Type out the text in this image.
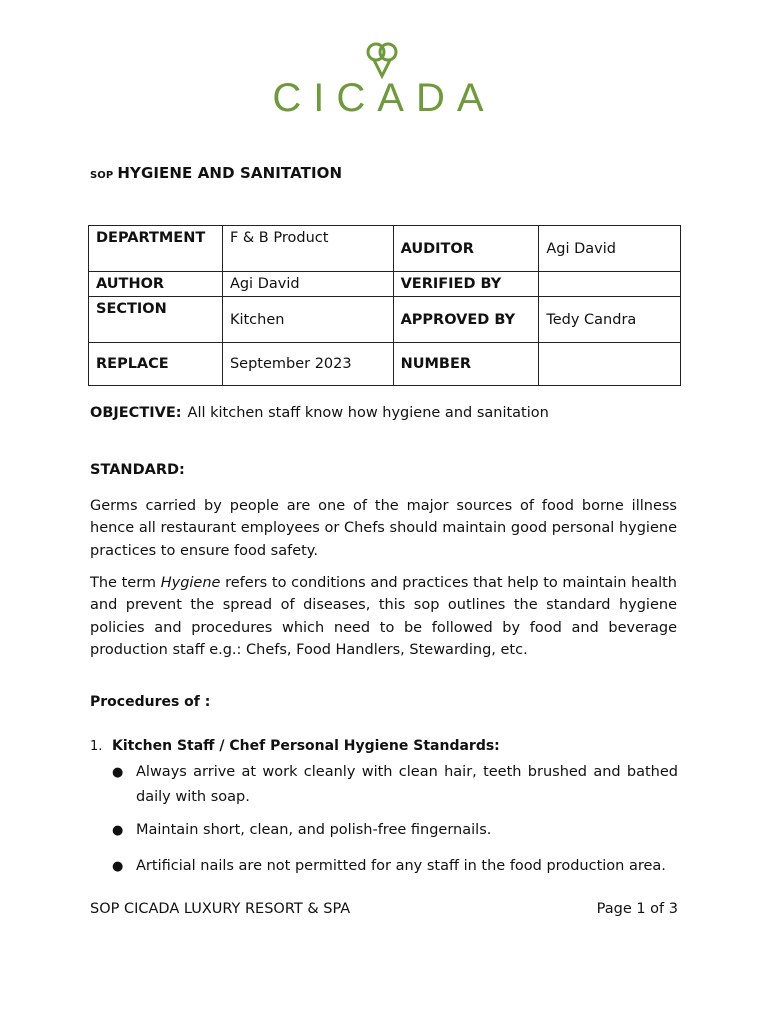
CICADA
SOP HYGIENE AND SANITATION
DEPARTMENT	F & B Product	AUDITOR	Agi David
AUTHOR	Agi David	VERIFIED BY	
SECTION	Kitchen	APPROVED BY	Tedy Candra
REPLACE	September 2023	NUMBER	
OBJECTIVE: All kitchen staff know how hygiene and sanitation
STANDARD:
Germs carried by people are one of the major sources of food borne illness hence all restaurant employees or Chefs should maintain good personal hygiene practices to ensure food safety.
The term Hygiene refers to conditions and practices that help to maintain health and prevent the spread of diseases, this sop outlines the standard hygiene policies and procedures which need to be followed by food and beverage production staff e.g.: Chefs, Food Handlers, Stewarding, etc.
Procedures of :
1. Kitchen Staff / Chef Personal Hygiene Standards:
● Always arrive at work cleanly with clean hair, teeth brushed and bathed daily with soap.
● Maintain short, clean, and polish-free fingernails.
● Artificial nails are not permitted for any staff in the food production area.
SOP CICADA LUXURY RESORT & SPA	Page 1 of 3
